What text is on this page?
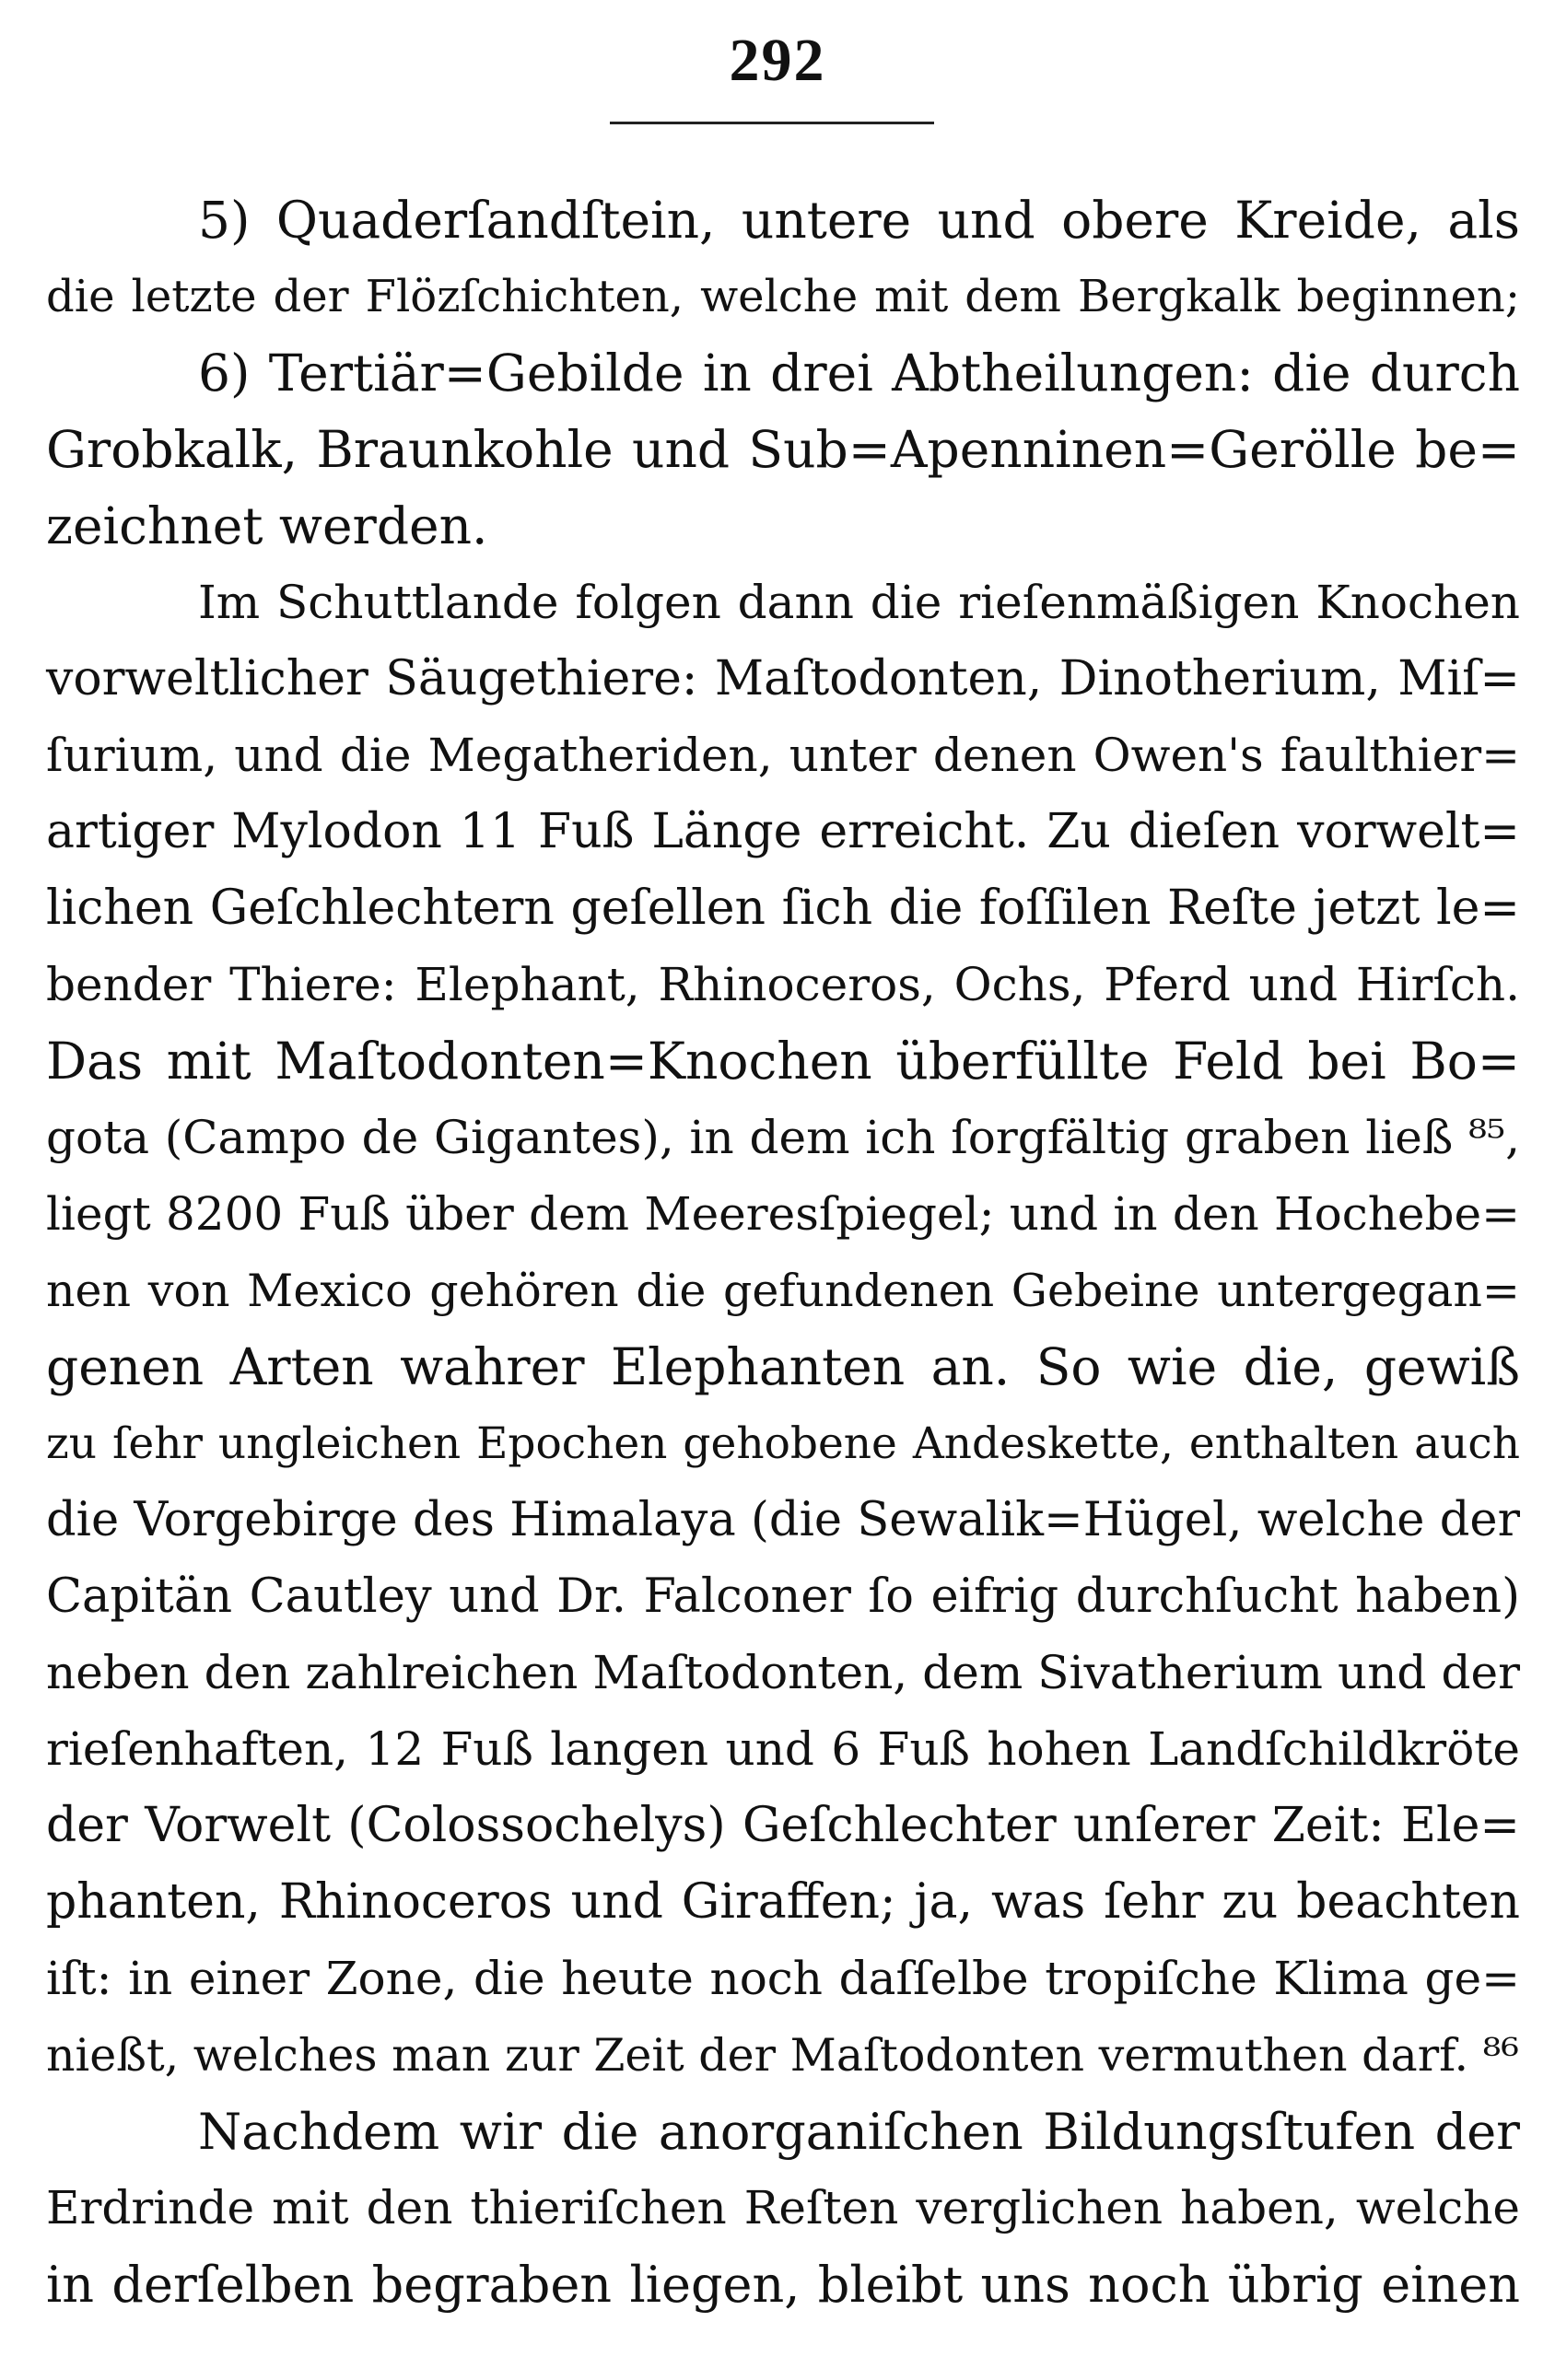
292
5) Quaderſandſtein, untere und obere Kreide, als
die letzte der Flözſchichten, welche mit dem Bergkalk beginnen;
6) Tertiär=Gebilde in drei Abtheilungen: die durch
Grobkalk, Braunkohle und Sub=Apenninen=Gerölle be=
zeichnet werden.
Im Schuttlande folgen dann die rieſenmäßigen Knochen
vorweltlicher Säugethiere: Maſtodonten, Dinotherium, Miſ=
ſurium, und die Megatheriden, unter denen Owen's faulthier=
artiger Mylodon 11 Fuß Länge erreicht. Zu dieſen vorwelt=
lichen Geſchlechtern geſellen ſich die foſſilen Reſte jetzt le=
bender Thiere: Elephant, Rhinoceros, Ochs, Pferd und Hirſch.
Das mit Maſtodonten=Knochen überfüllte Feld bei Bo=
gota (Campo de Gigantes), in dem ich ſorgfältig graben ließ ⁸⁵,
liegt 8200 Fuß über dem Meeresſpiegel; und in den Hochebe=
nen von Mexico gehören die gefundenen Gebeine untergegan=
genen Arten wahrer Elephanten an. So wie die, gewiß
zu ſehr ungleichen Epochen gehobene Andeskette, enthalten auch
die Vorgebirge des Himalaya (die Sewalik=Hügel, welche der
Capitän Cautley und Dr. Falconer ſo eifrig durchſucht haben)
neben den zahlreichen Maſtodonten, dem Sivatherium und der
rieſenhaften, 12 Fuß langen und 6 Fuß hohen Landſchildkröte
der Vorwelt (Colossochelys) Geſchlechter unſerer Zeit: Ele=
phanten, Rhinoceros und Giraffen; ja, was ſehr zu beachten
iſt: in einer Zone, die heute noch daſſelbe tropiſche Klima ge=
nießt, welches man zur Zeit der Maſtodonten vermuthen darf. ⁸⁶
Nachdem wir die anorganiſchen Bildungsſtufen der
Erdrinde mit den thieriſchen Reſten verglichen haben, welche
in derſelben begraben liegen, bleibt uns noch übrig einen
